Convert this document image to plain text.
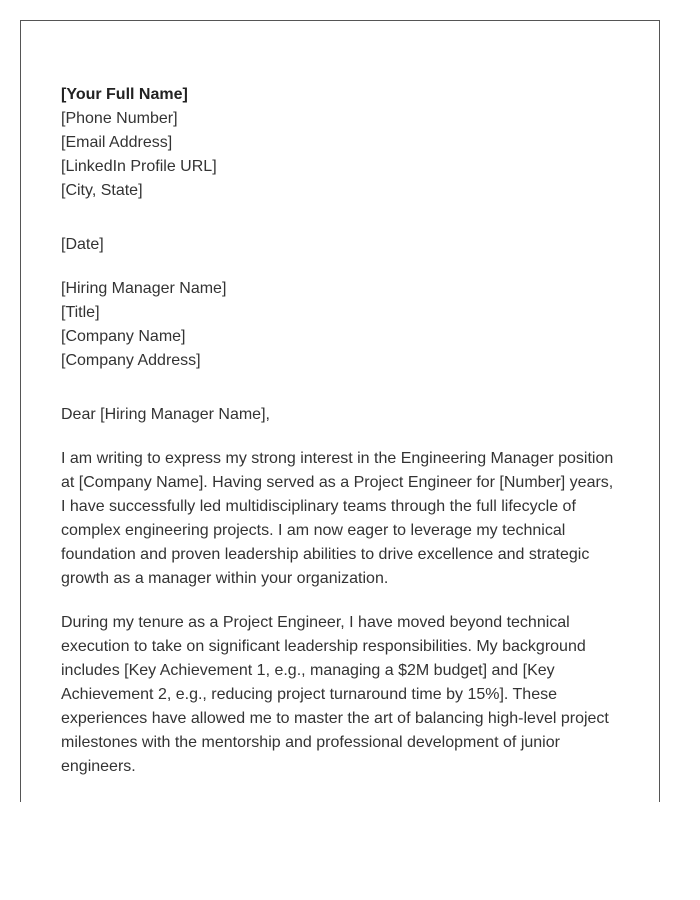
[Your Full Name]
[Phone Number]
[Email Address]
[LinkedIn Profile URL]
[City, State]
[Date]
[Hiring Manager Name]
[Title]
[Company Name]
[Company Address]
Dear [Hiring Manager Name],

I am writing to express my strong interest in the Engineering Manager position
at [Company Name]. Having served as a Project Engineer for [Number] years,
I have successfully led multidisciplinary teams through the full lifecycle of
complex engineering projects. I am now eager to leverage my technical
foundation and proven leadership abilities to drive excellence and strategic
growth as a manager within your organization.

During my tenure as a Project Engineer, I have moved beyond technical
execution to take on significant leadership responsibilities. My background
includes [Key Achievement 1, e.g., managing a $2M budget] and [Key
Achievement 2, e.g., reducing project turnaround time by 15%]. These
experiences have allowed me to master the art of balancing high-level project
milestones with the mentorship and professional development of junior
engineers.
